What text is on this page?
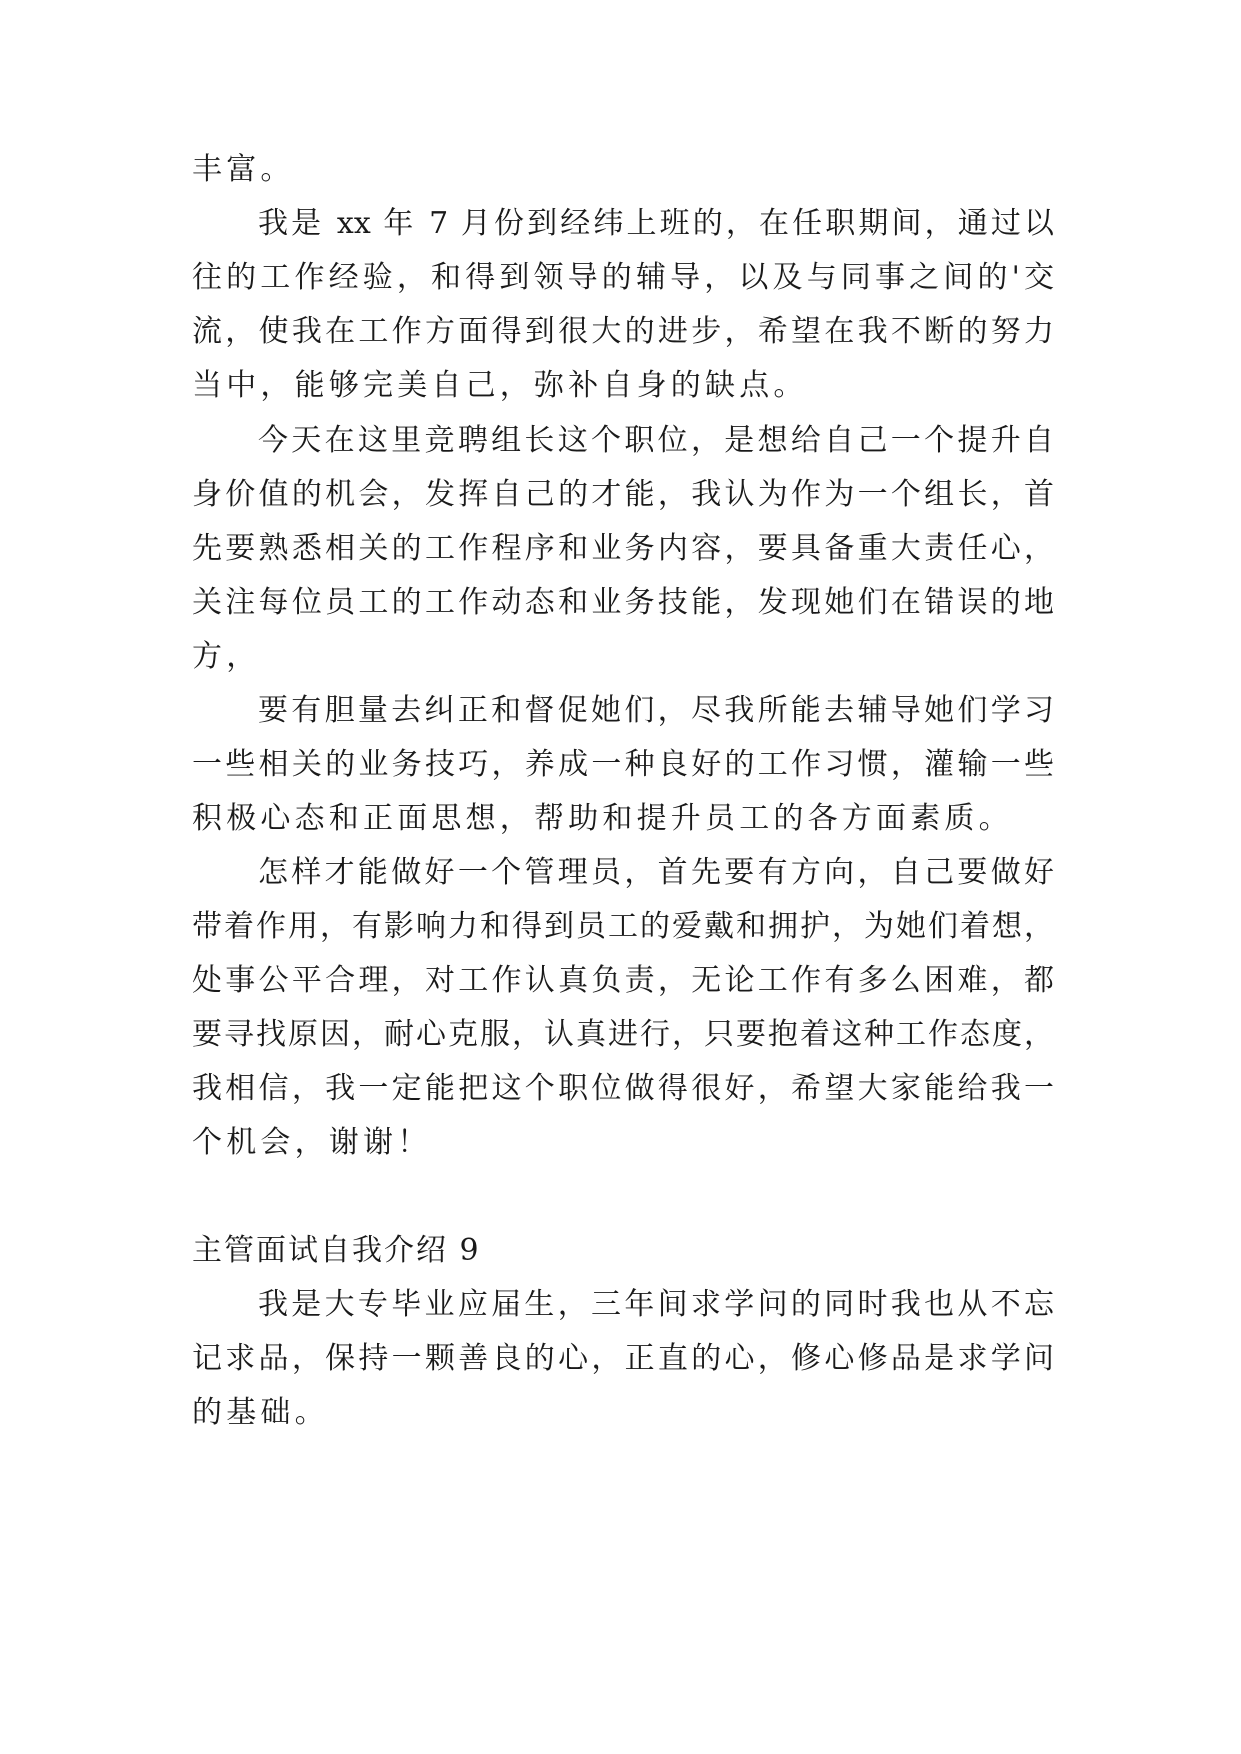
丰富。
我是 xx 年 7 月份到经纬上班的，在任职期间，通过以
往的工作经验，和得到领导的辅导，以及与同事之间的'交
流，使我在工作方面得到很大的进步，希望在我不断的努力
当中，能够完美自己，弥补自身的缺点。
今天在这里竞聘组长这个职位，是想给自己一个提升自
身价值的机会，发挥自己的才能，我认为作为一个组长，首
先要熟悉相关的工作程序和业务内容，要具备重大责任心，
关注每位员工的工作动态和业务技能，发现她们在错误的地
方，
要有胆量去纠正和督促她们，尽我所能去辅导她们学习
一些相关的业务技巧，养成一种良好的工作习惯，灌输一些
积极心态和正面思想，帮助和提升员工的各方面素质。
怎样才能做好一个管理员，首先要有方向，自己要做好
带着作用，有影响力和得到员工的爱戴和拥护，为她们着想，
处事公平合理，对工作认真负责，无论工作有多么困难，都
要寻找原因，耐心克服，认真进行，只要抱着这种工作态度，
我相信，我一定能把这个职位做得很好，希望大家能给我一
个机会，谢谢！
主管面试自我介绍 9
我是大专毕业应届生，三年间求学问的同时我也从不忘
记求品，保持一颗善良的心，正直的心，修心修品是求学问
的基础。
